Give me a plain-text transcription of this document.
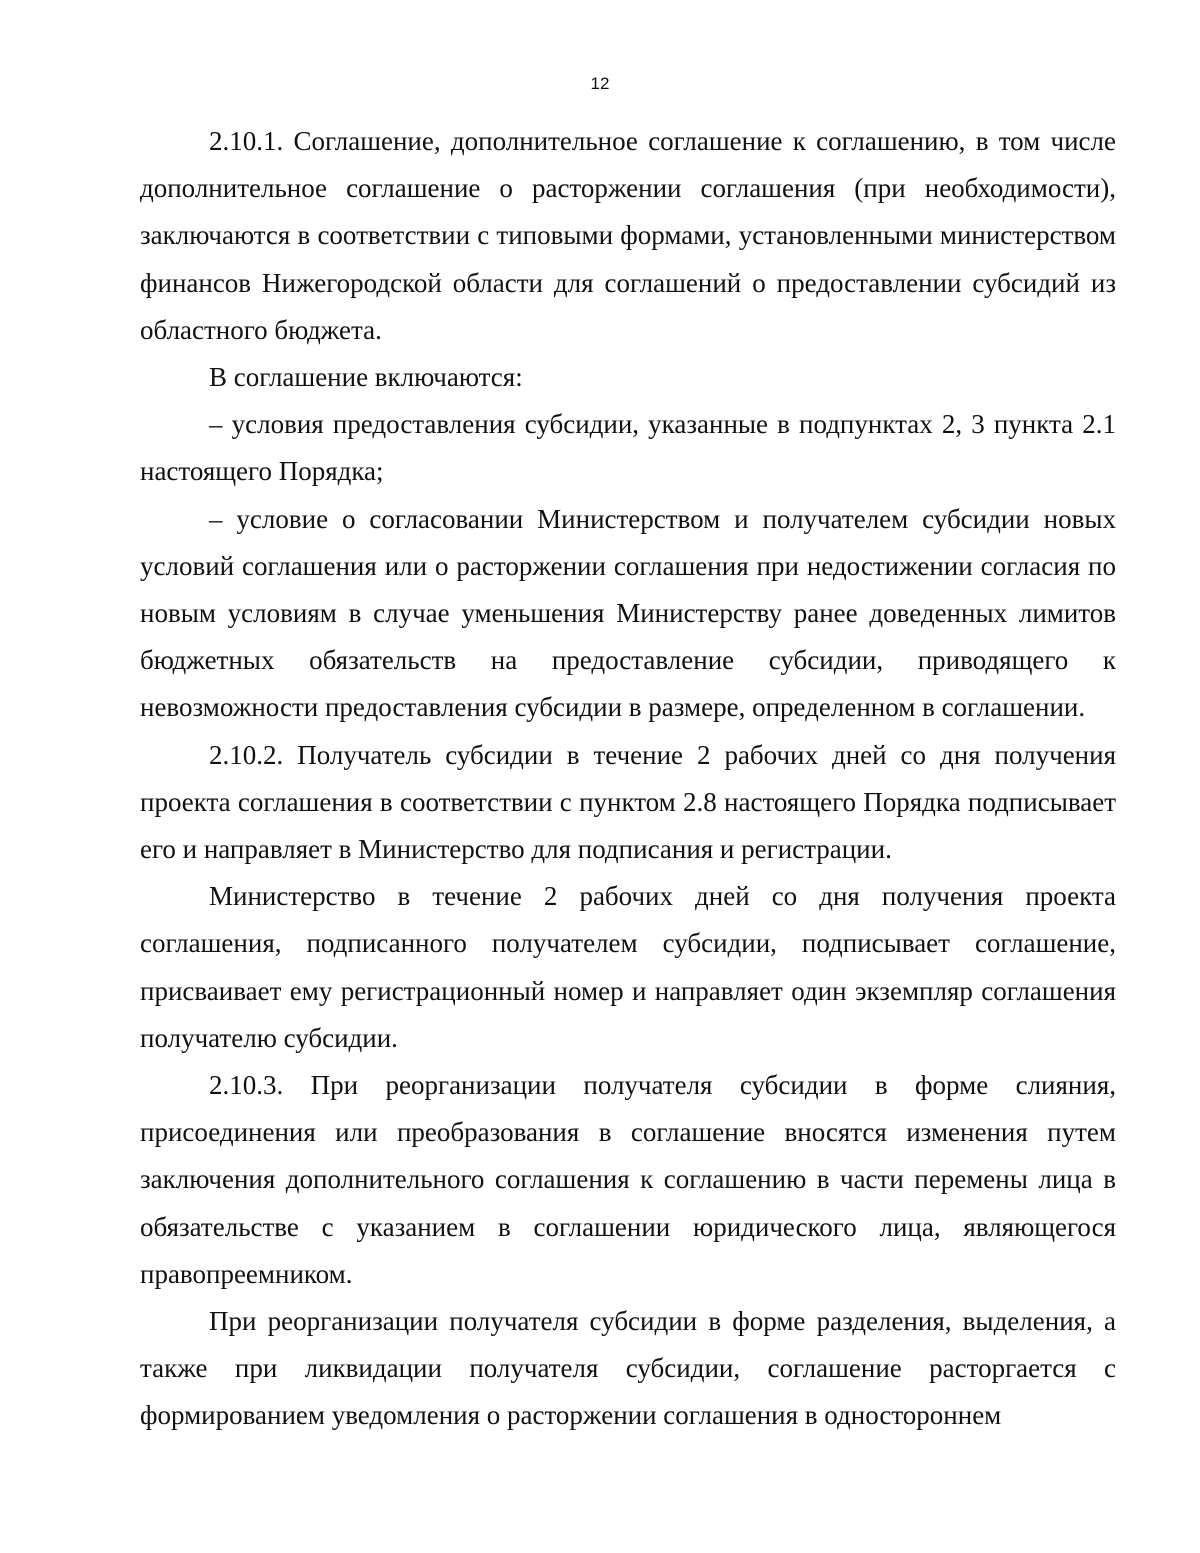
12

2.10.1. Соглашение, дополнительное соглашение к соглашению, в том числе дополнительное соглашение о расторжении соглашения (при необходимости), заключаются в соответствии с типовыми формами, установленными министерством финансов Нижегородской области для соглашений о предоставлении субсидий из областного бюджета.

В соглашение включаются:

– условия предоставления субсидии, указанные в подпунктах 2, 3 пункта 2.1 настоящего Порядка;

– условие о согласовании Министерством и получателем субсидии новых условий соглашения или о расторжении соглашения при недостижении согласия по новым условиям в случае уменьшения Министерству ранее доведенных лимитов бюджетных обязательств на предоставление субсидии, приводящего к невозможности предоставления субсидии в размере, определенном в соглашении.

2.10.2. Получатель субсидии в течение 2 рабочих дней со дня получения проекта соглашения в соответствии с пунктом 2.8 настоящего Порядка подписывает его и направляет в Министерство для подписания и регистрации.

Министерство в течение 2 рабочих дней со дня получения проекта соглашения, подписанного получателем субсидии, подписывает соглашение, присваивает ему регистрационный номер и направляет один экземпляр соглашения получателю субсидии.

2.10.3. При реорганизации получателя субсидии в форме слияния, присоединения или преобразования в соглашение вносятся изменения путем заключения дополнительного соглашения к соглашению в части перемены лица в обязательстве с указанием в соглашении юридического лица, являющегося правопреемником.

При реорганизации получателя субсидии в форме разделения, выделения, а также при ликвидации получателя субсидии, соглашение расторгается с формированием уведомления о расторжении соглашения в одностороннем
